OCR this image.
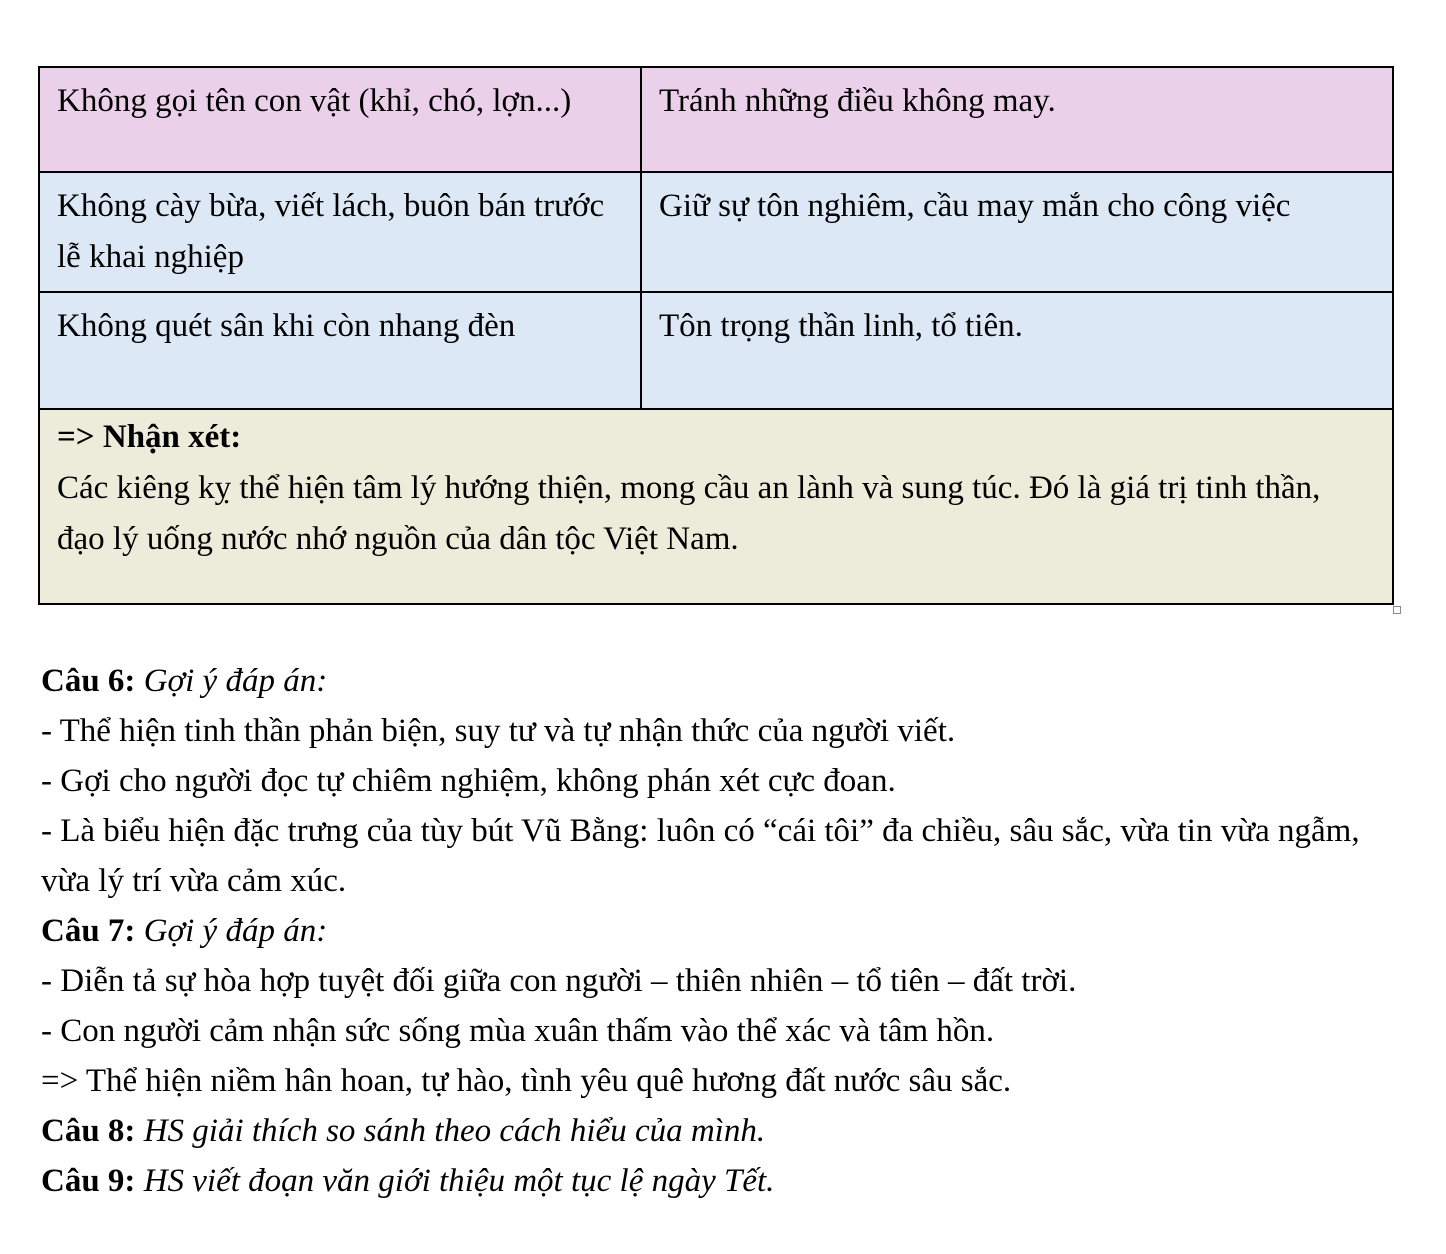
Không gọi tên con vật (khỉ, chó, lợn...)	Tránh những điều không may.
Không cày bừa, viết lách, buôn bán trước lễ khai nghiệp	Giữ sự tôn nghiêm, cầu may mắn cho công việc
Không quét sân khi còn nhang đèn	Tôn trọng thần linh, tổ tiên.

=> Nhận xét:
Các kiêng kỵ thể hiện tâm lý hướng thiện, mong cầu an lành và sung túc. Đó là giá trị tinh thần, đạo lý uống nước nhớ nguồn của dân tộc Việt Nam.	

Câu 6: Gợi ý đáp án:

- Thể hiện tinh thần phản biện, suy tư và tự nhận thức của người viết.

- Gợi cho người đọc tự chiêm nghiệm, không phán xét cực đoan.

- Là biểu hiện đặc trưng của tùy bút Vũ Bằng: luôn có “cái tôi” đa chiều, sâu sắc, vừa tin vừa ngẫm, vừa lý trí vừa cảm xúc.

Câu 7: Gợi ý đáp án:

- Diễn tả sự hòa hợp tuyệt đối giữa con người – thiên nhiên – tổ tiên – đất trời.

- Con người cảm nhận sức sống mùa xuân thấm vào thể xác và tâm hồn.

=> Thể hiện niềm hân hoan, tự hào, tình yêu quê hương đất nước sâu sắc.

Câu 8: HS giải thích so sánh theo cách hiểu của mình.

Câu 9: HS viết đoạn văn giới thiệu một tục lệ ngày Tết.
